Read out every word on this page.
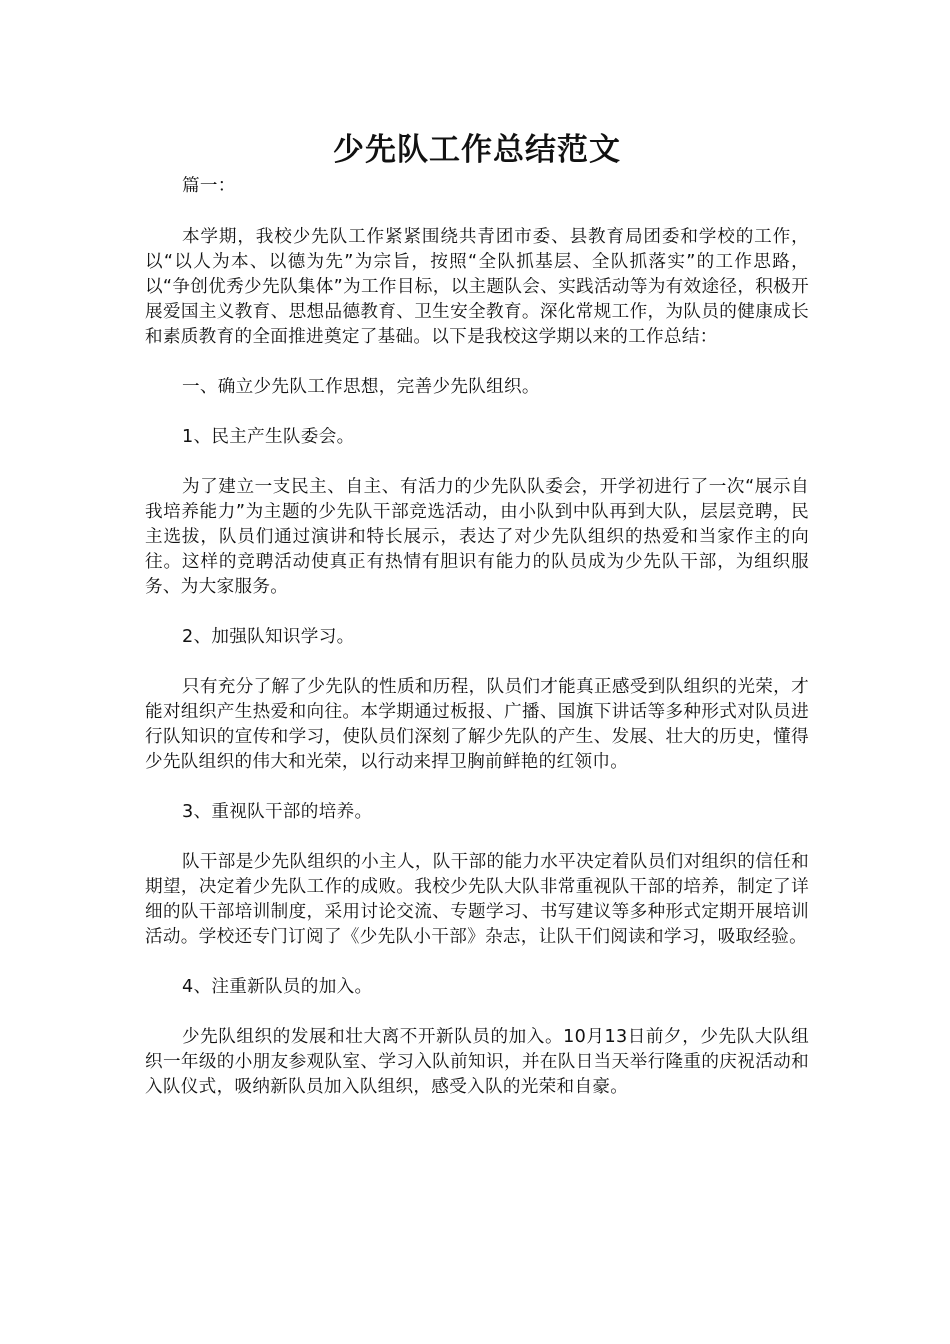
少先队工作总结范文

篇一：

本学期，我校少先队工作紧紧围绕共青团市委、县教育局团委和学校的工作，以“以人为本、以德为先”为宗旨，按照“全队抓基层、全队抓落实”的工作思路，以“争创优秀少先队集体”为工作目标，以主题队会、实践活动等为有效途径，积极开展爱国主义教育、思想品德教育、卫生安全教育。深化常规工作，为队员的健康成长和素质教育的全面推进奠定了基础。以下是我校这学期以来的工作总结：

一、确立少先队工作思想，完善少先队组织。

1、民主产生队委会。

为了建立一支民主、自主、有活力的少先队队委会，开学初进行了一次“展示自我培养能力”为主题的少先队干部竞选活动，由小队到中队再到大队，层层竞聘，民主选拔，队员们通过演讲和特长展示，表达了对少先队组织的热爱和当家作主的向往。这样的竞聘活动使真正有热情有胆识有能力的队员成为少先队干部，为组织服务、为大家服务。

2、加强队知识学习。

只有充分了解了少先队的性质和历程，队员们才能真正感受到队组织的光荣，才能对组织产生热爱和向往。本学期通过板报、广播、国旗下讲话等多种形式对队员进行队知识的宣传和学习，使队员们深刻了解少先队的产生、发展、壮大的历史，懂得少先队组织的伟大和光荣，以行动来捍卫胸前鲜艳的红领巾。

3、重视队干部的培养。

队干部是少先队组织的小主人，队干部的能力水平决定着队员们对组织的信任和期望，决定着少先队工作的成败。我校少先队大队非常重视队干部的培养，制定了详细的队干部培训制度，采用讨论交流、专题学习、书写建议等多种形式定期开展培训活动。学校还专门订阅了《少先队小干部》杂志，让队干们阅读和学习，吸取经验。

4、注重新队员的加入。

少先队组织的发展和壮大离不开新队员的加入。10月13日前夕，少先队大队组织一年级的小朋友参观队室、学习入队前知识，并在队日当天举行隆重的庆祝活动和入队仪式，吸纳新队员加入队组织，感受入队的光荣和自豪。
